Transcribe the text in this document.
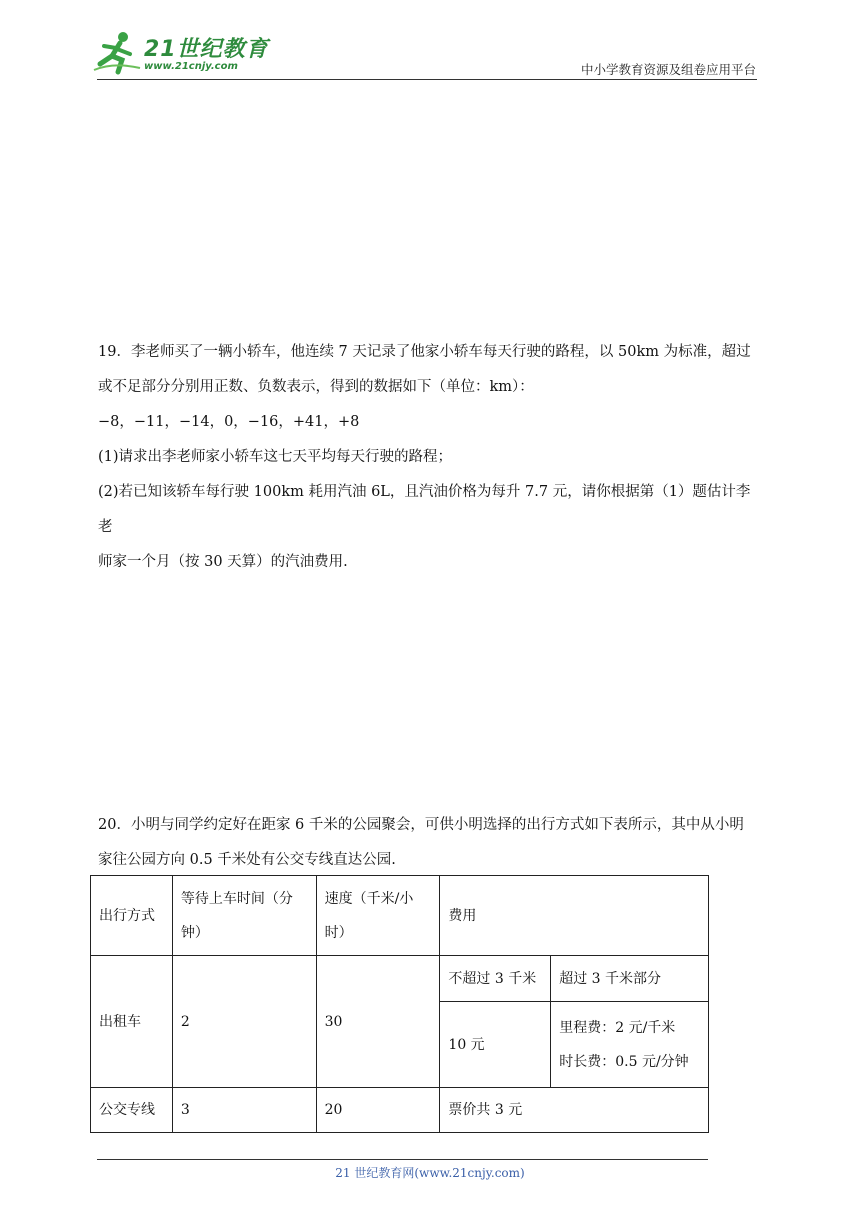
21世纪教育
www.21cnjy.com	中小学教育资源及组卷应用平台

19．李老师买了一辆小轿车，他连续 7 天记录了他家小轿车每天行驶的路程，以 50km 为标准，超过

或不足部分分别用正数、负数表示，得到的数据如下（单位：km）：

−8，−11，−14，0，−16，+41，+8

(1)请求出李老师家小轿车这七天平均每天行驶的路程；

(2)若已知该轿车每行驶 100km 耗用汽油 6L，且汽油价格为每升 7.7 元，请你根据第（1）题估计李老

师家一个月（按 30 天算）的汽油费用.

20．小明与同学约定好在距家 6 千米的公园聚会，可供小明选择的出行方式如下表所示，其中从小明

家往公园方向 0.5 千米处有公交专线直达公园.

出行方式	等待上车时间（分钟）	速度（千米/小时）	费用	
出租车	2	30	不超过 3 千米	超过 3 千米部分
			10 元	里程费：2 元/千米
时长费：0.5 元/分钟

公交专线	3	20	票价共 3 元	
21 世纪教育网(www.21cnjy.com)
